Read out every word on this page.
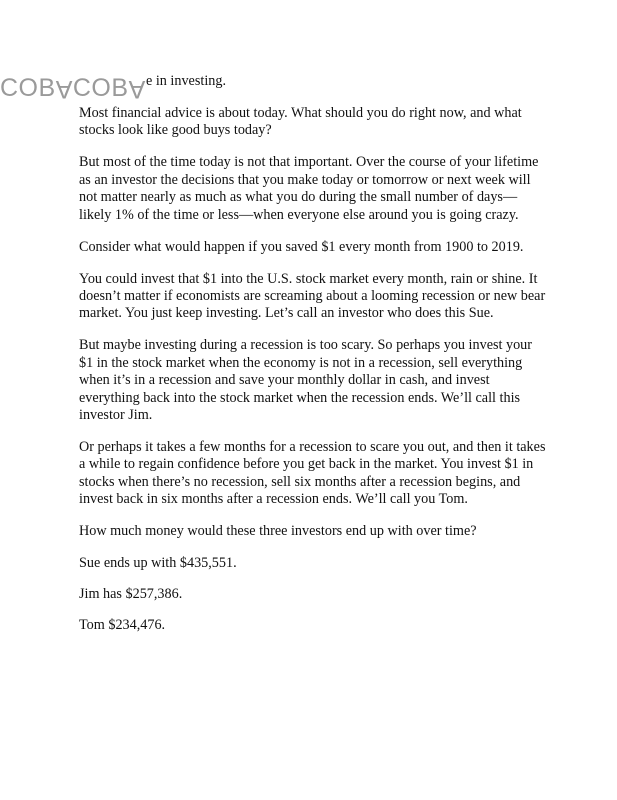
COBACOBA e in investing.

Most financial advice is about today. What should you do right now, and what stocks look like good buys today?

But most of the time today is not that important. Over the course of your lifetime as an investor the decisions that you make today or tomorrow or next week will not matter nearly as much as what you do during the small number of days—likely 1% of the time or less—when everyone else around you is going crazy.

Consider what would happen if you saved $1 every month from 1900 to 2019.

You could invest that $1 into the U.S. stock market every month, rain or shine. It doesn’t matter if economists are screaming about a looming recession or new bear market. You just keep investing. Let’s call an investor who does this Sue.

But maybe investing during a recession is too scary. So perhaps you invest your $1 in the stock market when the economy is not in a recession, sell everything when it’s in a recession and save your monthly dollar in cash, and invest everything back into the stock market when the recession ends. We’ll call this investor Jim.

Or perhaps it takes a few months for a recession to scare you out, and then it takes a while to regain confidence before you get back in the market. You invest $1 in stocks when there’s no recession, sell six months after a recession begins, and invest back in six months after a recession ends. We’ll call you Tom.

How much money would these three investors end up with over time?

Sue ends up with $435,551.

Jim has $257,386.

Tom $234,476.
